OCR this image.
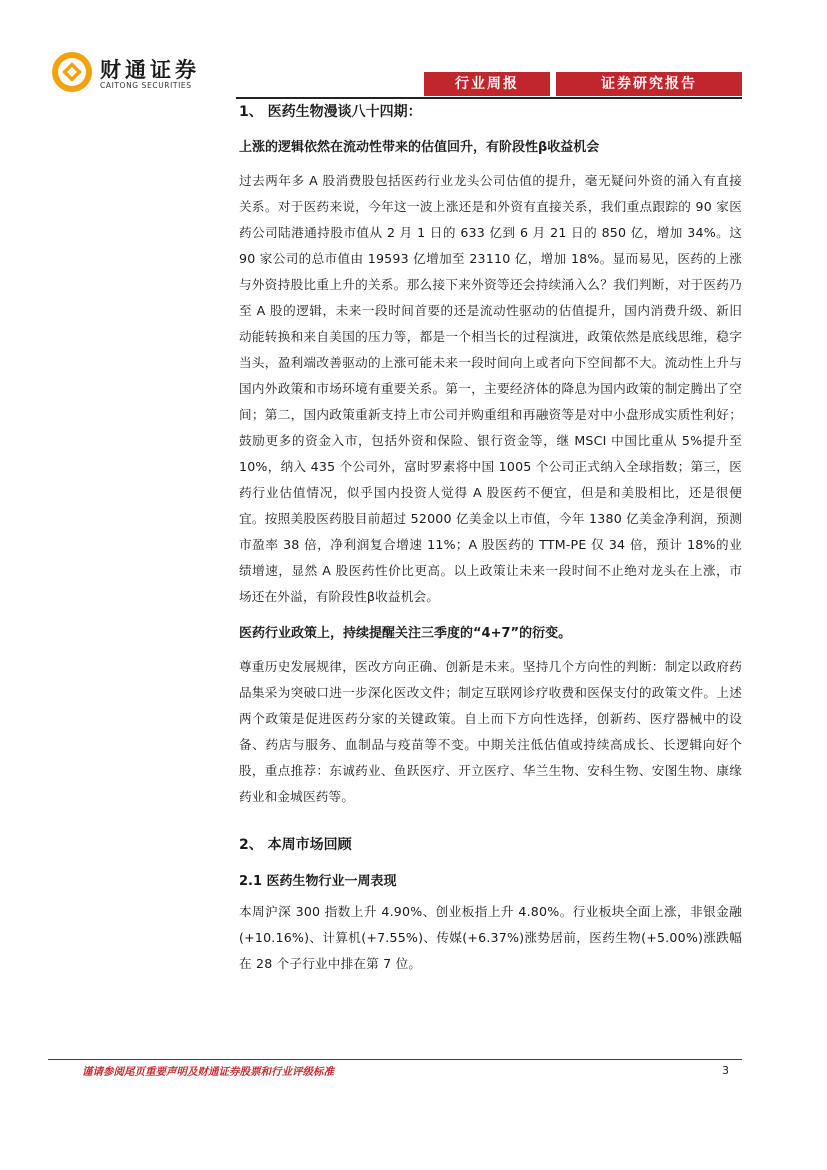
财通证券
CAITONG SECURITIES	行业周报	证券研究报告
1、 医药生物漫谈八十四期：
上涨的逻辑依然在流动性带来的估值回升，有阶段性β收益机会

过去两年多 A 股消费股包括医药行业龙头公司估值的提升，毫无疑问外资的涌入有直接关系。对于医药来说，今年这一波上涨还是和外资有直接关系，我们重点跟踪的 90 家医药公司陆港通持股市值从 2 月 1 日的 633 亿到 6 月 21 日的 850 亿，增加 34%。这 90 家公司的总市值由 19593 亿增加至 23110 亿，增加 18%。显而易见，医药的上涨与外资持股比重上升的关系。那么接下来外资等还会持续涌入么？我们判断，对于医药乃至 A 股的逻辑，未来一段时间首要的还是流动性驱动的估值提升，国内消费升级、新旧动能转换和来自美国的压力等，都是一个相当长的过程演进，政策依然是底线思维，稳字当头，盈利端改善驱动的上涨可能未来一段时间向上或者向下空间都不大。流动性上升与国内外政策和市场环境有重要关系。第一，主要经济体的降息为国内政策的制定腾出了空间；第二，国内政策重新支持上市公司并购重组和再融资等是对中小盘形成实质性利好；鼓励更多的资金入市，包括外资和保险、银行资金等，继 MSCI 中国比重从 5%提升至 10%，纳入 435 个公司外，富时罗素将中国 1005 个公司正式纳入全球指数；第三，医药行业估值情况，似乎国内投资人觉得 A 股医药不便宜，但是和美股相比，还是很便宜。按照美股医药股目前超过 52000 亿美金以上市值，今年 1380 亿美金净利润，预测市盈率 38 倍，净利润复合增速 11%；A 股医药的 TTM-PE 仅 34 倍，预计 18%的业绩增速，显然 A 股医药性价比更高。以上政策让未来一段时间不止绝对龙头在上涨，市场还在外溢，有阶段性β收益机会。

医药行业政策上，持续提醒关注三季度的“4+7”的衍变。

尊重历史发展规律，医改方向正确、创新是未来。坚持几个方向性的判断：制定以政府药品集采为突破口进一步深化医改文件；制定互联网诊疗收费和医保支付的政策文件。上述两个政策是促进医药分家的关键政策。自上而下方向性选择，创新药、医疗器械中的设备、药店与服务、血制品与疫苗等不变。中期关注低估值或持续高成长、长逻辑向好个股，重点推荐：东诚药业、鱼跃医疗、开立医疗、华兰生物、安科生物、安图生物、康缘药业和金城医药等。

2、 本周市场回顾
2.1 医药生物行业一周表现

本周沪深 300 指数上升 4.90%、创业板指上升 4.80%。行业板块全面上涨，非银金融(+10.16%)、计算机(+7.55%)、传媒(+6.37%)涨势居前，医药生物(+5.00%)涨跌幅在 28 个子行业中排在第 7 位。

谨请参阅尾页重要声明及财通证券股票和行业评级标准	3
